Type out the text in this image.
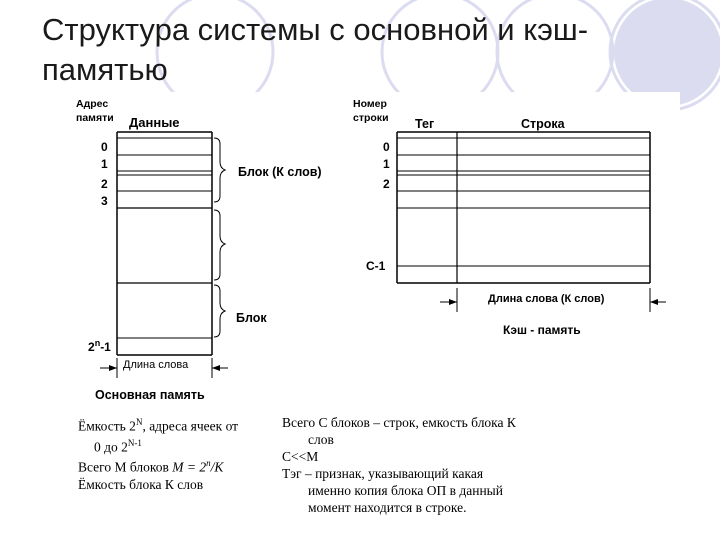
Структура системы с основной и кэш-
памятью
Адрес
памяти Данные
0
1
2
3
2$^n$-1
Блок (К слов)
Блок
Длина слова
Основная память
Номер
строки Тег	Строка
0
1
2
С-1
Длина слова (К слов)
Кэш - память
Ёмкость $2^N$, адреса ячеек от
0 до $2^{N-1}$
Всего М блоков $М = 2^n/К$
Ёмкость блока К слов
Всего С блоков – строк, емкость блока К
слов
С<<М
Тэг – признак, указывающий какая
именно копия блока ОП в данный
момент находится в строке.
